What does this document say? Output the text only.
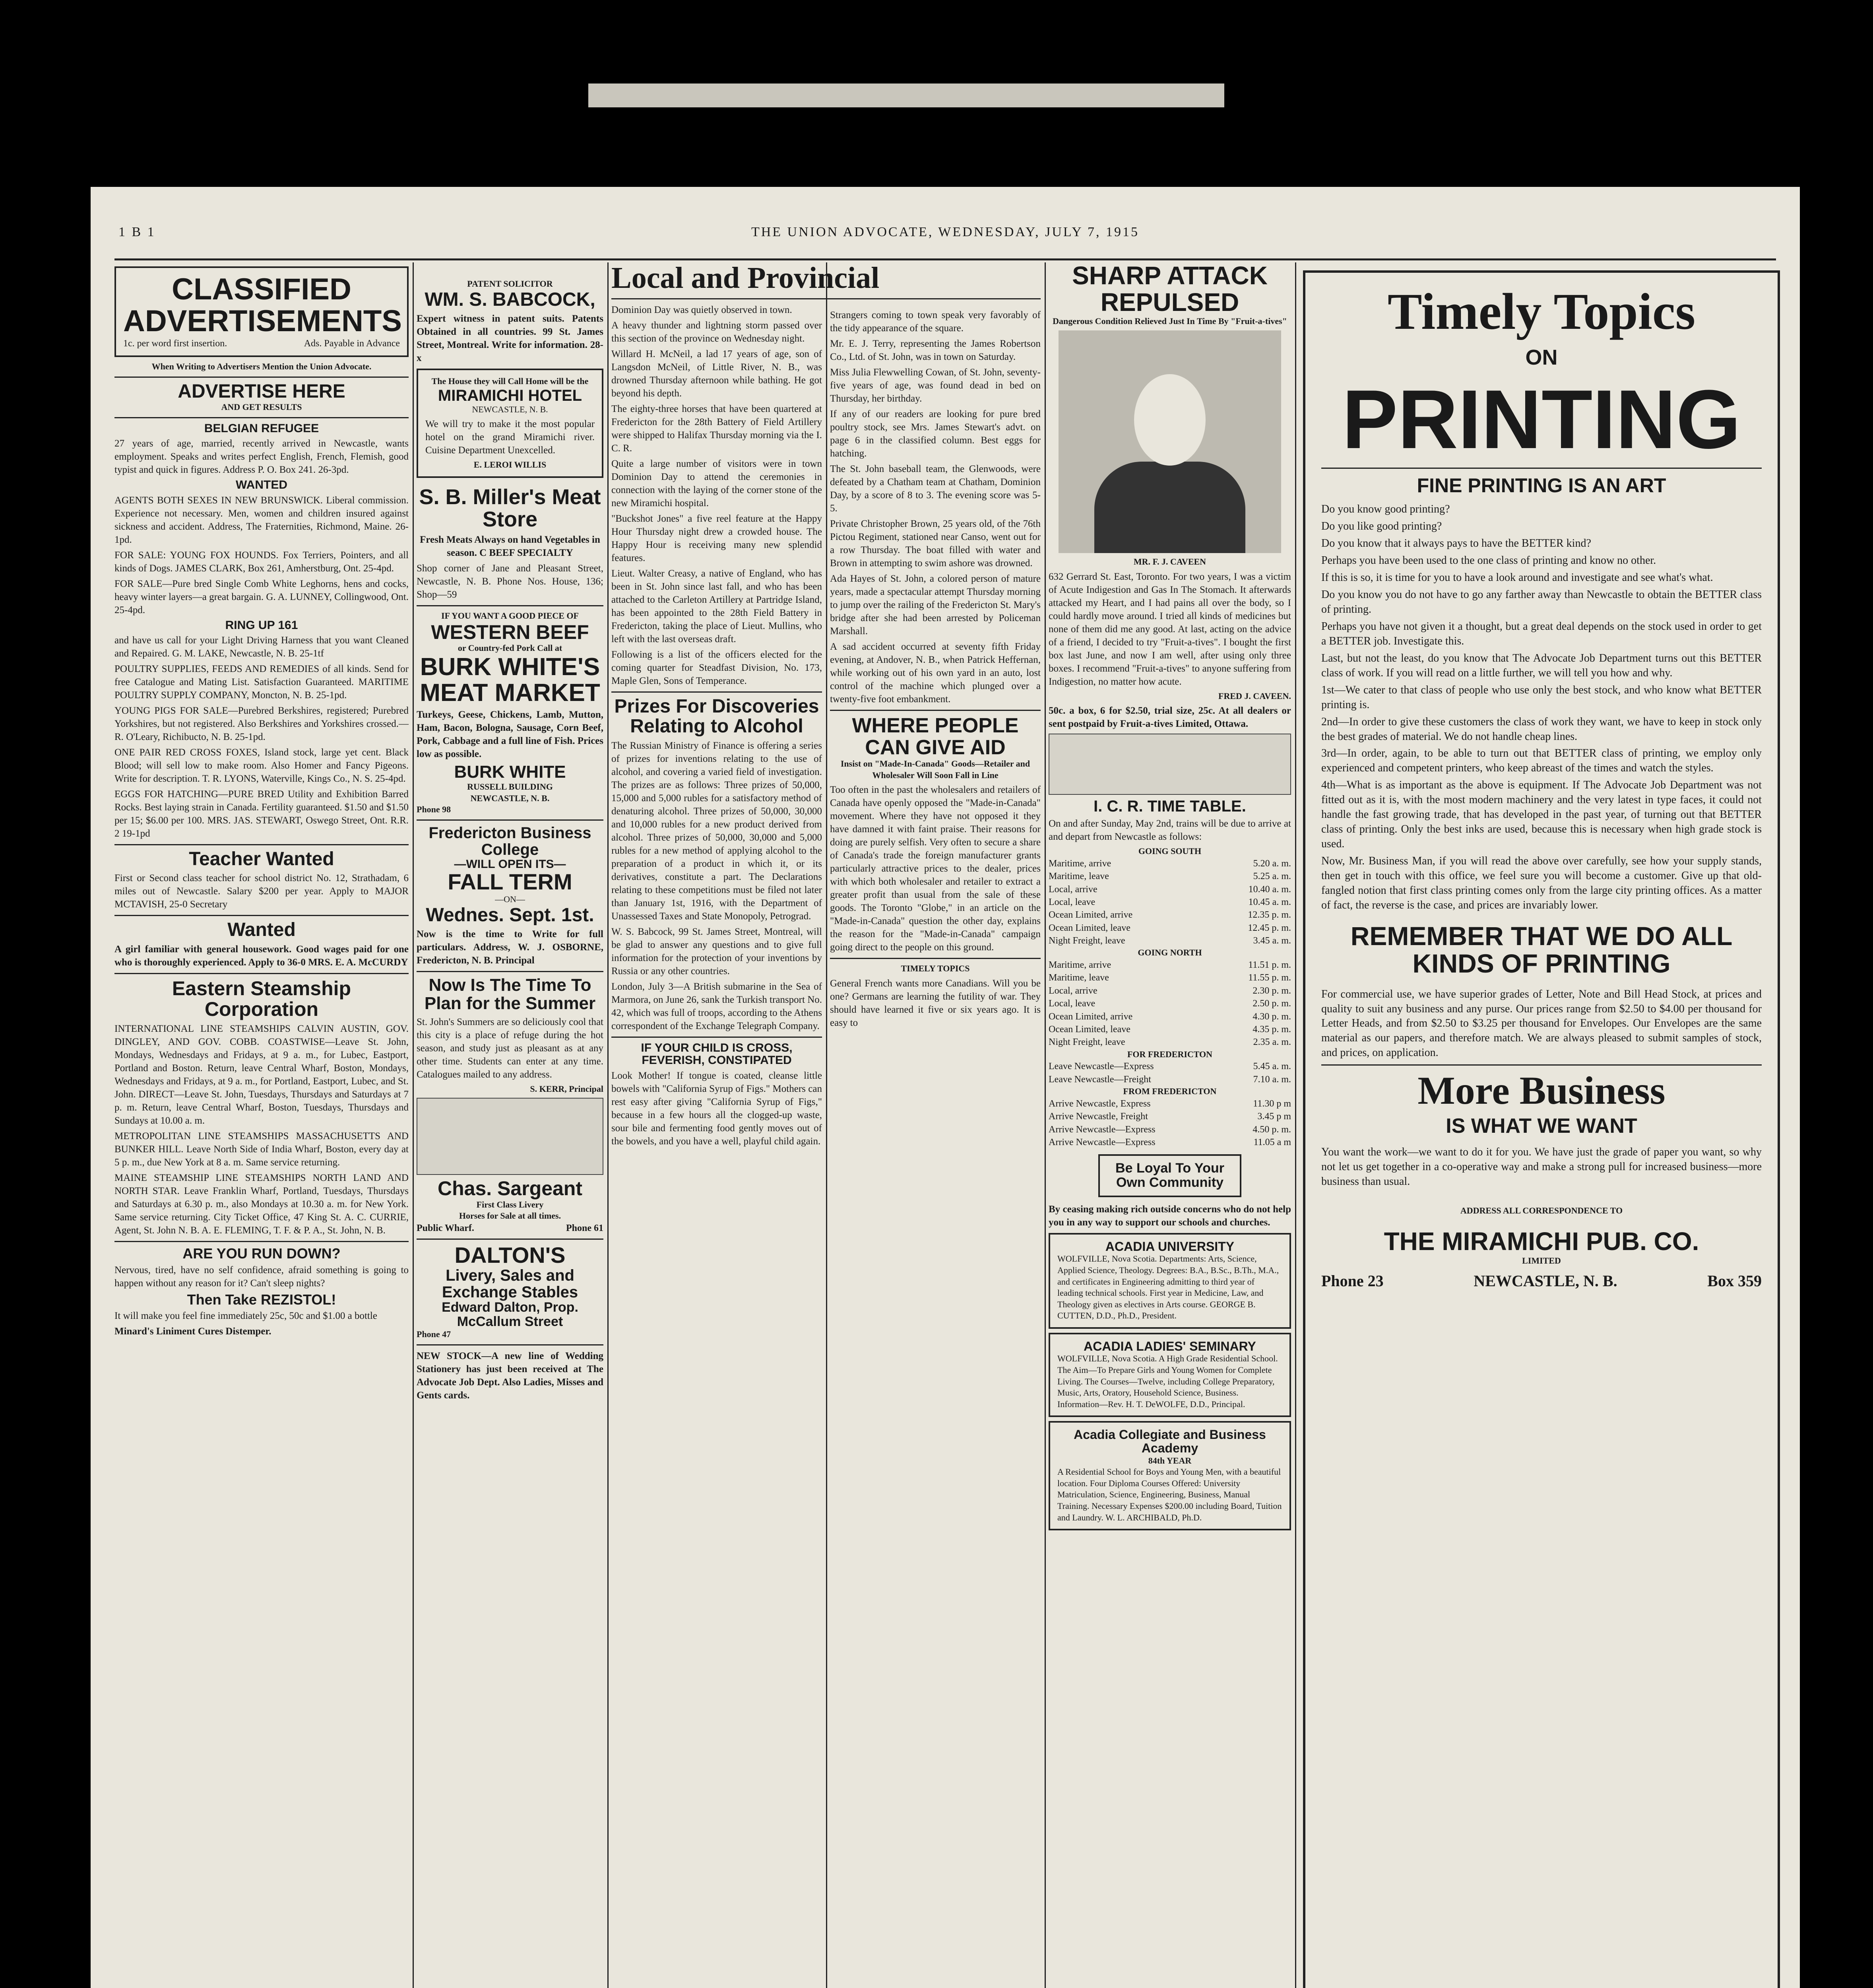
1 B 1	THE UNION ADVOCATE, WEDNESDAY, JULY 7, 1915
CLASSIFIED ADVERTISEMENTS
1c. per word first insertion.	Ads. Payable in Advance
When Writing to Advertisers Mention the Union Advocate.
ADVERTISE HERE
AND GET RESULTS
BELGIAN REFUGEE
27 years of age, married, recently arrived in Newcastle, wants employment. Speaks and writes perfect English, French, Flemish, good typist and quick in figures. Address P. O. Box 241. 26-3pd.
WANTED
AGENTS BOTH SEXES IN NEW BRUNSWICK. Liberal commission. Experience not necessary. Men, women and children insured against sickness and accident. Address, The Fraternities, Richmond, Maine. 26-1pd.
FOR SALE: YOUNG FOX HOUNDS. Fox Terriers, Pointers, and all kinds of Dogs. JAMES CLARK, Box 261, Amherstburg, Ont. 25-4pd.
FOR SALE—Pure bred Single Comb White Leghorns, hens and cocks, heavy winter layers—a great bargain. G. A. LUNNEY, Collingwood, Ont. 25-4pd.
RING UP 161
and have us call for your Light Driving Harness that you want Cleaned and Repaired. G. M. LAKE, Newcastle, N. B. 25-1tf
POULTRY SUPPLIES, FEEDS AND REMEDIES of all kinds. Send for free Catalogue and Mating List. Satisfaction Guaranteed. MARITIME POULTRY SUPPLY COMPANY, Moncton, N. B. 25-1pd.
YOUNG PIGS FOR SALE—Purebred Berkshires, registered; Purebred Yorkshires, but not registered. Also Berkshires and Yorkshires crossed.—R. O'Leary, Richibucto, N. B. 25-1pd.
ONE PAIR RED CROSS FOXES, Island stock, large yet cent. Black Blood; will sell low to make room. Also Homer and Fancy Pigeons. Write for description. T. R. LYONS, Waterville, Kings Co., N. S. 25-4pd.
EGGS FOR HATCHING—PURE BRED Utility and Exhibition Barred Rocks. Best laying strain in Canada. Fertility guaranteed. $1.50 and $1.50 per 15; $6.00 per 100. MRS. JAS. STEWART, Oswego Street, Ont. R.R. 2 19-1pd
Teacher Wanted
First or Second class teacher for school district No. 12, Strathadam, 6 miles out of Newcastle. Salary $200 per year. Apply to MAJOR MCTAVISH, 25-0 Secretary
Wanted
A girl familiar with general housework. Good wages paid for one who is thoroughly experienced. Apply to 36-0 MRS. E. A. McCURDY
Eastern Steamship Corporation
INTERNATIONAL LINE STEAMSHIPS CALVIN AUSTIN, GOV. DINGLEY, AND GOV. COBB. COASTWISE—Leave St. John, Mondays, Wednesdays and Fridays, at 9 a. m., for Lubec, Eastport, Portland and Boston. Return, leave Central Wharf, Boston, Mondays, Wednesdays and Fridays, at 9 a. m., for Portland, Eastport, Lubec, and St. John. DIRECT—Leave St. John, Tuesdays, Thursdays and Saturdays at 7 p. m. Return, leave Central Wharf, Boston, Tuesdays, Thursdays and Sundays at 10.00 a. m.
METROPOLITAN LINE STEAMSHIPS MASSACHUSETTS AND BUNKER HILL. Leave North Side of India Wharf, Boston, every day at 5 p. m., due New York at 8 a. m. Same service returning.
MAINE STEAMSHIP LINE STEAMSHIPS NORTH LAND AND NORTH STAR. Leave Franklin Wharf, Portland, Tuesdays, Thursdays and Saturdays at 6.30 p. m., also Mondays at 10.30 a. m. for New York. Same service returning. City Ticket Office, 47 King St. A. C. CURRIE, Agent, St. John N. B. A. E. FLEMING, T. F. & P. A., St. John, N. B.
ARE YOU RUN DOWN?
Nervous, tired, have no self confidence, afraid something is going to happen without any reason for it? Can't sleep nights?
Then Take REZISTOL!
It will make you feel fine immediately 25c, 50c and $1.00 a bottle
Minard's Liniment Cures Distemper.
PATENT SOLICITOR
WM. S. BABCOCK,
Expert witness in patent suits. Patents Obtained in all countries. 99 St. James Street, Montreal. Write for information. 28-x
The House they will Call Home will be the
MIRAMICHI HOTEL
NEWCASTLE, N. B.
We will try to make it the most popular hotel on the grand Miramichi river. Cuisine Department Unexcelled.
E. LEROI WILLIS
S. B. Miller's Meat Store
Fresh Meats Always on hand Vegetables in season. C BEEF SPECIALTY
Shop corner of Jane and Pleasant Street, Newcastle, N. B. Phone Nos. House, 136; Shop—59
IF YOU WANT A GOOD PIECE OF
WESTERN BEEF
or Country-fed Pork Call at
BURK WHITE'S MEAT MARKET
Turkeys, Geese, Chickens, Lamb, Mutton, Ham, Bacon, Bologna, Sausage, Corn Beef, Pork, Cabbage and a full line of Fish. Prices low as possible.
BURK WHITE
RUSSELL BUILDING
NEWCASTLE, N. B.
Phone 98
Fredericton Business College
—WILL OPEN ITS—
FALL TERM
—ON—
Wednes. Sept. 1st.
Now is the time to Write for full particulars. Address, W. J. OSBORNE, Fredericton, N. B. Principal
Now Is The Time To Plan for the Summer
St. John's Summers are so deliciously cool that this city is a place of refuge during the hot season, and study just as pleasant as at any other time. Students can enter at any time. Catalogues mailed to any address.
S. KERR, Principal
Chas. Sargeant
First Class Livery
Horses for Sale at all times.
Public Wharf.	Phone 61
DALTON'S
Livery, Sales and Exchange Stables
Edward Dalton, Prop.
McCallum Street
Phone 47
NEW STOCK—A new line of Wedding Stationery has just been received at The Advocate Job Dept. Also Ladies, Misses and Gents cards.
Local and Provincial
Dominion Day was quietly observed in town.
A heavy thunder and lightning storm passed over this section of the province on Wednesday night.
Willard H. McNeil, a lad 17 years of age, son of Langsdon McNeil, of Little River, N. B., was drowned Thursday afternoon while bathing. He got beyond his depth.
The eighty-three horses that have been quartered at Fredericton for the 28th Battery of Field Artillery were shipped to Halifax Thursday morning via the I. C. R.
Quite a large number of visitors were in town Dominion Day to attend the ceremonies in connection with the laying of the corner stone of the new Miramichi hospital.
"Buckshot Jones" a five reel feature at the Happy Hour Thursday night drew a crowded house. The Happy Hour is receiving many new splendid features.
Lieut. Walter Creasy, a native of England, who has been in St. John since last fall, and who has been attached to the Carleton Artillery at Partridge Island, has been appointed to the 28th Field Battery in Fredericton, taking the place of Lieut. Mullins, who left with the last overseas draft.
Following is a list of the officers elected for the coming quarter for Steadfast Division, No. 173, Maple Glen, Sons of Temperance.
Prizes For Discoveries Relating to Alcohol
The Russian Ministry of Finance is offering a series of prizes for inventions relating to the use of alcohol, and covering a varied field of investigation. The prizes are as follows: Three prizes of 50,000, 15,000 and 5,000 rubles for a satisfactory method of denaturing alcohol. Three prizes of 50,000, 30,000 and 10,000 rubles for a new product derived from alcohol. Three prizes of 50,000, 30,000 and 5,000 rubles for a new method of applying alcohol to the preparation of a product in which it, or its derivatives, constitute a part. The Declarations relating to these competitions must be filed not later than January 1st, 1916, with the Department of Unassessed Taxes and State Monopoly, Petrograd.
W. S. Babcock, 99 St. James Street, Montreal, will be glad to answer any questions and to give full information for the protection of your inventions by Russia or any other countries.
London, July 3—A British submarine in the Sea of Marmora, on June 26, sank the Turkish transport No. 42, which was full of troops, according to the Athens correspondent of the Exchange Telegraph Company.
IF YOUR CHILD IS CROSS, FEVERISH, CONSTIPATED
Look Mother! If tongue is coated, cleanse little bowels with "California Syrup of Figs." Mothers can rest easy after giving "California Syrup of Figs," because in a few hours all the clogged-up waste, sour bile and fermenting food gently moves out of the bowels, and you have a well, playful child again.
Strangers coming to town speak very favorably of the tidy appearance of the square.
Mr. E. J. Terry, representing the James Robertson Co., Ltd. of St. John, was in town on Saturday.
Miss Julia Flewwelling Cowan, of St. John, seventy-five years of age, was found dead in bed on Thursday, her birthday.
If any of our readers are looking for pure bred poultry stock, see Mrs. James Stewart's advt. on page 6 in the classified column. Best eggs for hatching.
The St. John baseball team, the Glenwoods, were defeated by a Chatham team at Chatham, Dominion Day, by a score of 8 to 3. The evening score was 5-5.
Private Christopher Brown, 25 years old, of the 76th Pictou Regiment, stationed near Canso, went out for a row Thursday. The boat filled with water and Brown in attempting to swim ashore was drowned.
Ada Hayes of St. John, a colored person of mature years, made a spectacular attempt Thursday morning to jump over the railing of the Fredericton St. Mary's bridge after she had been arrested by Policeman Marshall.
A sad accident occurred at seventy fifth Friday evening, at Andover, N. B., when Patrick Heffernan, while working out of his own yard in an auto, lost control of the machine which plunged over a twenty-five foot embankment.
WHERE PEOPLE CAN GIVE AID
Insist on "Made-In-Canada" Goods—Retailer and Wholesaler Will Soon Fall in Line
Too often in the past the wholesalers and retailers of Canada have openly opposed the "Made-in-Canada" movement. Where they have not opposed it they have damned it with faint praise. Their reasons for doing are purely selfish. Very often to secure a share of Canada's trade the foreign manufacturer grants particularly attractive prices to the dealer, prices with which both wholesaler and retailer to extract a greater profit than usual from the sale of these goods. The Toronto "Globe," in an article on the "Made-in-Canada" question the other day, explains the reason for the "Made-in-Canada" campaign going direct to the people on this ground.
TIMELY TOPICS
General French wants more Canadians. Will you be one? Germans are learning the futility of war. They should have learned it five or six years ago. It is easy to
SHARP ATTACK REPULSED
Dangerous Condition Relieved Just In Time By "Fruit-a-tives"
MR. F. J. CAVEEN
632 Gerrard St. East, Toronto. For two years, I was a victim of Acute Indigestion and Gas In The Stomach. It afterwards attacked my Heart, and I had pains all over the body, so I could hardly move around. I tried all kinds of medicines but none of them did me any good. At last, acting on the advice of a friend, I decided to try "Fruit-a-tives". I bought the first box last June, and now I am well, after using only three boxes. I recommend "Fruit-a-tives" to anyone suffering from Indigestion, no matter how acute.
FRED J. CAVEEN.
50c. a box, 6 for $2.50, trial size, 25c. At all dealers or sent postpaid by Fruit-a-tives Limited, Ottawa.
I. C. R. TIME TABLE.
On and after Sunday, May 2nd, trains will be due to arrive at and depart from Newcastle as follows:
GOING SOUTH
Maritime, arrive	5.20 a. m.
Maritime, leave	5.25 a. m.
Local, arrive	10.40 a. m.
Local, leave	10.45 a. m.
Ocean Limited, arrive	12.35 p. m.
Ocean Limited, leave	12.45 p. m.
Night Freight, leave	3.45 a. m.
GOING NORTH
Maritime, arrive	11.51 p. m.
Maritime, leave	11.55 p. m.
Local, arrive	2.30 p. m.
Local, leave	2.50 p. m.
Ocean Limited, arrive	4.30 p. m.
Ocean Limited, leave	4.35 p. m.
Night Freight, leave	2.35 a. m.
FOR FREDERICTON
Leave Newcastle—Express	5.45 a. m.
Leave Newcastle—Freight	7.10 a. m.
FROM FREDERICTON
Arrive Newcastle, Express	11.30 p m
Arrive Newcastle, Freight	3.45 p m
Arrive Newcastle—Express	4.50 p. m.
Arrive Newcastle—Express	11.05 a m
Be Loyal To Your Own Community
By ceasing making rich outside concerns who do not help you in any way to support our schools and churches.
ACADIA UNIVERSITY
WOLFVILLE, Nova Scotia. Departments: Arts, Science, Applied Science, Theology. Degrees: B.A., B.Sc., B.Th., M.A., and certificates in Engineering admitting to third year of leading technical schools. First year in Medicine, Law, and Theology given as electives in Arts course. GEORGE B. CUTTEN, D.D., Ph.D., President.
ACADIA LADIES' SEMINARY
WOLFVILLE, Nova Scotia. A High Grade Residential School. The Aim—To Prepare Girls and Young Women for Complete Living. The Courses—Twelve, including College Preparatory, Music, Arts, Oratory, Household Science, Business. Information—Rev. H. T. DeWOLFE, D.D., Principal.
Acadia Collegiate and Business Academy
84th YEAR
A Residential School for Boys and Young Men, with a beautiful location. Four Diploma Courses Offered: University Matriculation, Science, Engineering, Business, Manual Training. Necessary Expenses $200.00 including Board, Tuition and Laundry. W. L. ARCHIBALD, Ph.D.
Timely Topics
ON
PRINTING
FINE PRINTING IS AN ART
Do you know good printing?
Do you like good printing?
Do you know that it always pays to have the BETTER kind?
Perhaps you have been used to the one class of printing and know no other.
If this is so, it is time for you to have a look around and investigate and see what's what.
Do you know you do not have to go any farther away than Newcastle to obtain the BETTER class of printing.
Perhaps you have not given it a thought, but a great deal depends on the stock used in order to get a BETTER job. Investigate this.
Last, but not the least, do you know that The Advocate Job Department turns out this BETTER class of work. If you will read on a little further, we will tell you how and why.
1st—We cater to that class of people who use only the best stock, and who know what BETTER printing is.
2nd—In order to give these customers the class of work they want, we have to keep in stock only the best grades of material. We do not handle cheap lines.
3rd—In order, again, to be able to turn out that BETTER class of printing, we employ only experienced and competent printers, who keep abreast of the times and watch the styles.
4th—What is as important as the above is equipment. If The Advocate Job Department was not fitted out as it is, with the most modern machinery and the very latest in type faces, it could not handle the fast growing trade, that has developed in the past year, of turning out that BETTER class of printing. Only the best inks are used, because this is necessary when high grade stock is used.
Now, Mr. Business Man, if you will read the above over carefully, see how your supply stands, then get in touch with this office, we feel sure you will become a customer. Give up that old-fangled notion that first class printing comes only from the large city printing offices. As a matter of fact, the reverse is the case, and prices are invariably lower.
REMEMBER THAT WE DO ALL KINDS OF PRINTING
For commercial use, we have superior grades of Letter, Note and Bill Head Stock, at prices and quality to suit any business and any purse. Our prices range from $2.50 to $4.00 per thousand for Letter Heads, and from $2.50 to $3.25 per thousand for Envelopes. Our Envelopes are the same material as our papers, and therefore match. We are always pleased to submit samples of stock, and prices, on application.
More Business
IS WHAT WE WANT
You want the work—we want to do it for you. We have just the grade of paper you want, so why not let us get together in a co-operative way and make a strong pull for increased business—more business than usual.
ADDRESS ALL CORRESPONDENCE TO
THE MIRAMICHI PUB. CO.
LIMITED
Phone 23	NEWCASTLE, N. B.	Box 359
